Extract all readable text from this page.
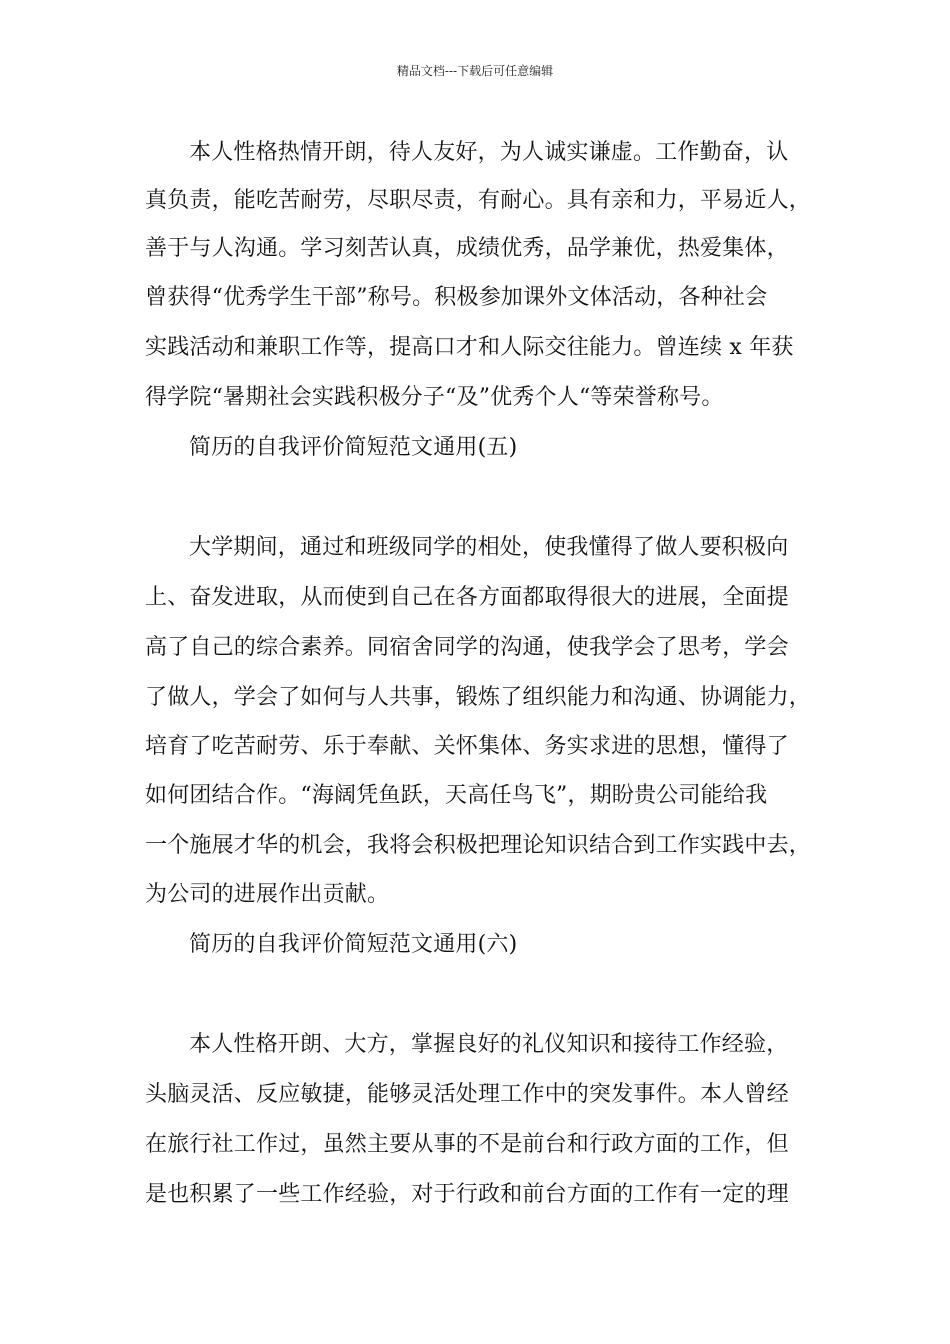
精品文档---下载后可任意编辑
本人性格热情开朗，待人友好，为人诚实谦虚。工作勤奋，认
真负责，能吃苦耐劳，尽职尽责，有耐心。具有亲和力，平易近人，
善于与人沟通。学习刻苦认真，成绩优秀，品学兼优，热爱集体，
曾获得“优秀学生干部”称号。积极参加课外文体活动，各种社会
实践活动和兼职工作等，提高口才和人际交往能力。曾连续 x 年获
得学院“暑期社会实践积极分子“及”优秀个人“等荣誉称号。
简历的自我评价简短范文通用(五)
大学期间，通过和班级同学的相处，使我懂得了做人要积极向
上、奋发进取，从而使到自己在各方面都取得很大的进展，全面提
高了自己的综合素养。同宿舍同学的沟通，使我学会了思考，学会
了做人，学会了如何与人共事，锻炼了组织能力和沟通、协调能力，
培育了吃苦耐劳、乐于奉献、关怀集体、务实求进的思想，懂得了
如何团结合作。“海阔凭鱼跃，天高任鸟飞”，期盼贵公司能给我
一个施展才华的机会，我将会积极把理论知识结合到工作实践中去，
为公司的进展作出贡献。
简历的自我评价简短范文通用(六)
本人性格开朗、大方，掌握良好的礼仪知识和接待工作经验，
头脑灵活、反应敏捷，能够灵活处理工作中的突发事件。本人曾经
在旅行社工作过，虽然主要从事的不是前台和行政方面的工作，但
是也积累了一些工作经验，对于行政和前台方面的工作有一定的理
